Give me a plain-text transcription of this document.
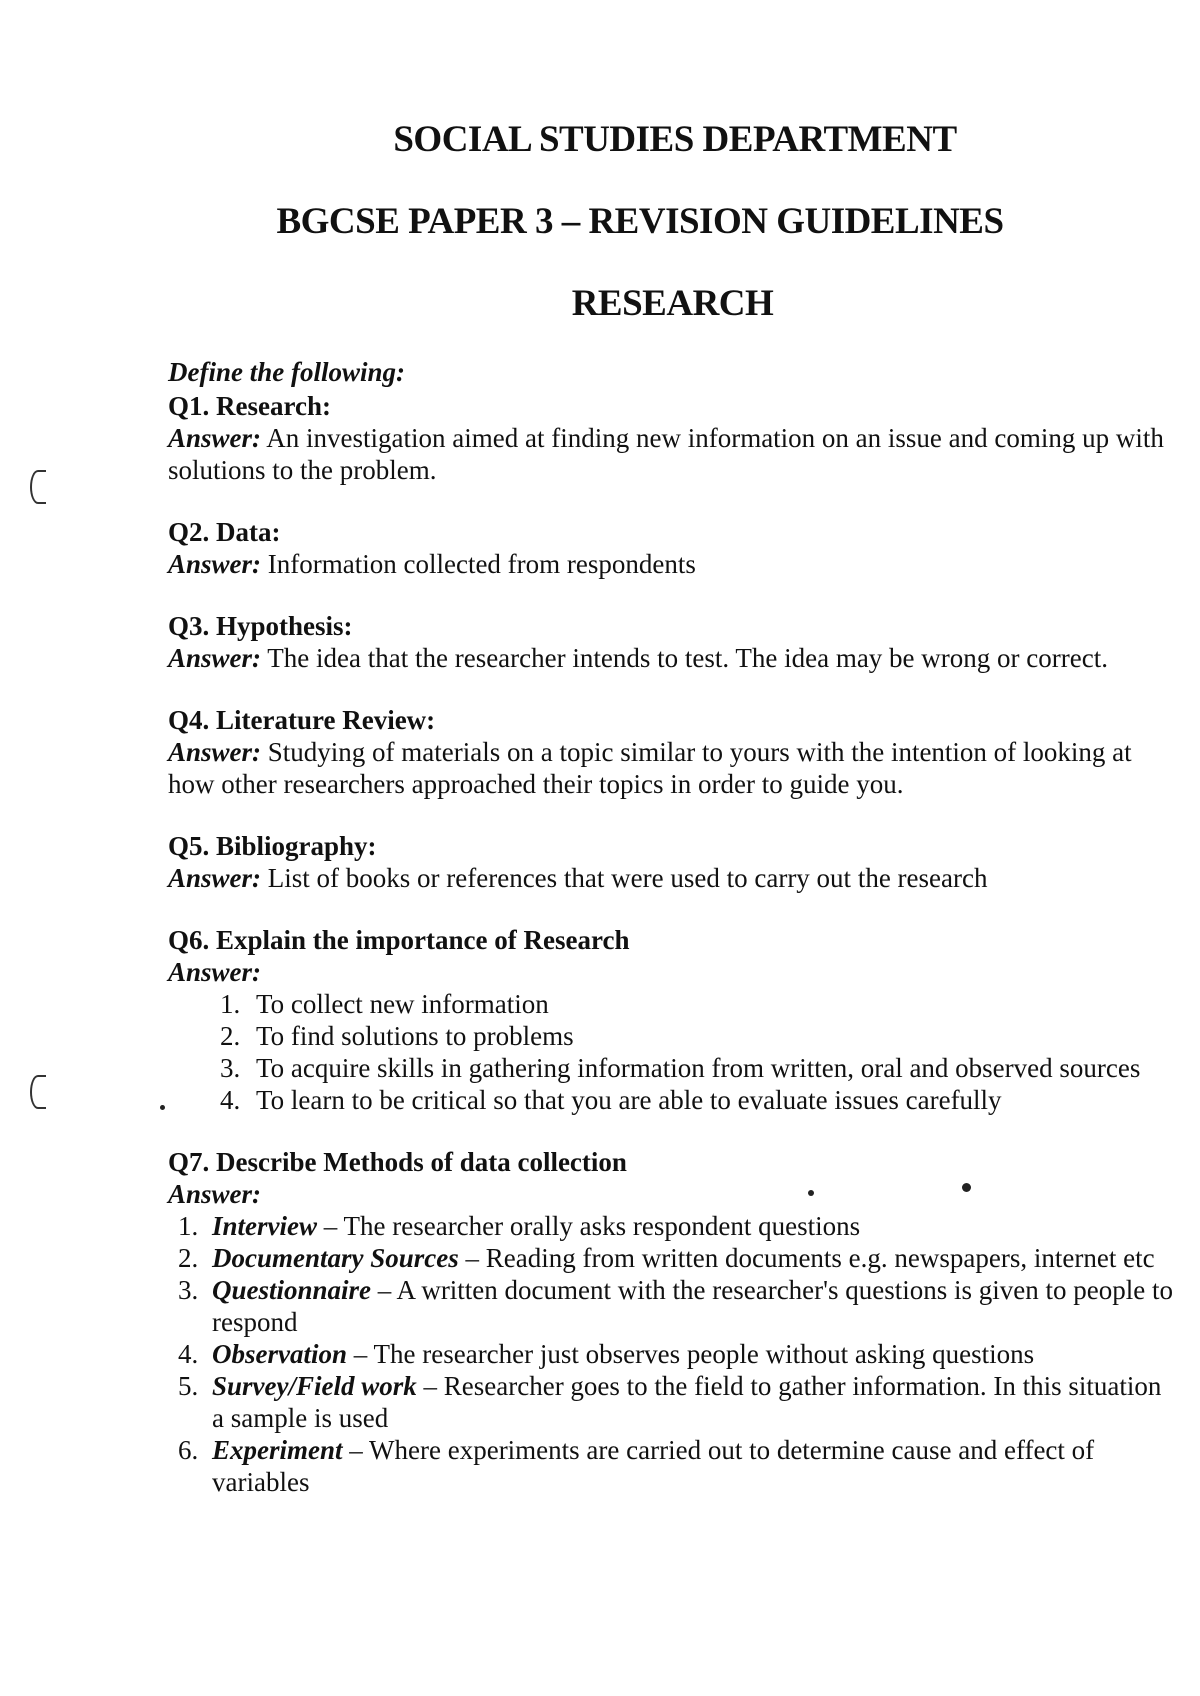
SOCIAL STUDIES DEPARTMENT
BGCSE PAPER 3 – REVISION GUIDELINES
RESEARCH

Define the following:

Q1. Research:

Answer: An investigation aimed at finding new information on an issue and coming up with solutions to the problem.

Q2. Data:

Answer: Information collected from respondents

Q3. Hypothesis:

Answer: The idea that the researcher intends to test. The idea may be wrong or correct.

Q4. Literature Review:

Answer: Studying of materials on a topic similar to yours with the intention of looking at how other researchers approached their topics in order to guide you.

Q5. Bibliography:

Answer: List of books or references that were used to carry out the research

Q6. Explain the importance of Research

Answer:

1. To collect new information
2. To find solutions to problems
3. To acquire skills in gathering information from written, oral and observed sources
4. To learn to be critical so that you are able to evaluate issues carefully

Q7. Describe Methods of data collection

Answer:

1. Interview – The researcher orally asks respondent questions
2. Documentary Sources – Reading from written documents e.g. newspapers, internet etc
3. Questionnaire – A written document with the researcher's questions is given to people to respond
4. Observation – The researcher just observes people without asking questions
5. Survey/Field work – Researcher goes to the field to gather information. In this situation a sample is used
6. Experiment – Where experiments are carried out to determine cause and effect of variables
